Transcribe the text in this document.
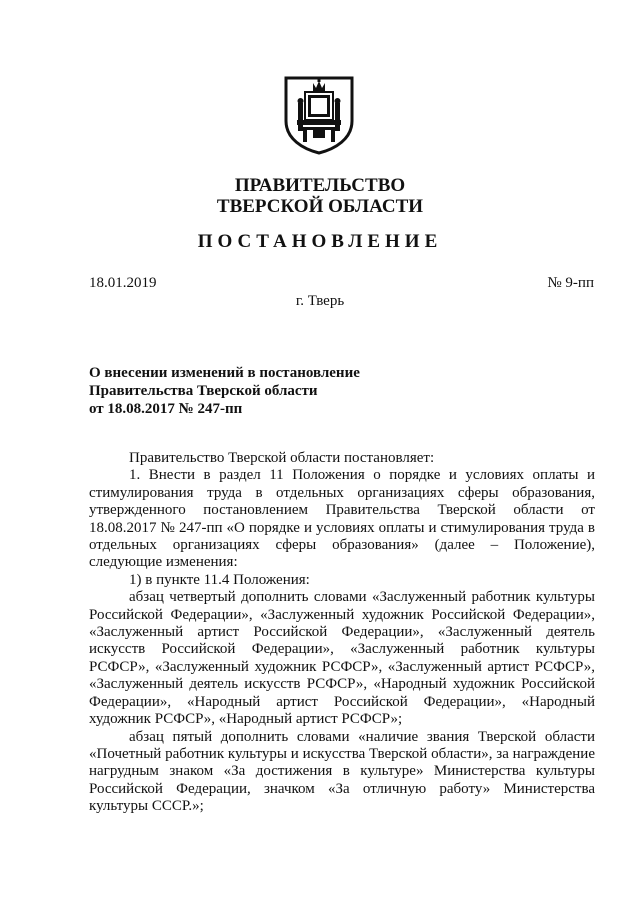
ПРАВИТЕЛЬСТВО
ТВЕРСКОЙ ОБЛАСТИ
ПОСТАНОВЛЕНИЕ
18.01.2019	№ 9-пп
г. Тверь
О внесении изменений в постановление
Правительства Тверской области
от 18.08.2017 № 247-пп

Правительство Тверской области постановляет:

1. Внести в раздел 11 Положения о порядке и условиях оплаты и стимулирования труда в отдельных организациях сферы образования, утвержденного постановлением Правительства Тверской области от 18.08.2017 № 247-пп «О порядке и условиях оплаты и стимулирования труда в отдельных организациях сферы образования» (далее – Положение), следующие изменения:

1) в пункте 11.4 Положения:

абзац четвертый дополнить словами «Заслуженный работник культуры Российской Федерации», «Заслуженный художник Российской Федерации», «Заслуженный артист Российской Федерации», «Заслуженный деятель искусств Российской Федерации», «Заслуженный работник культуры РСФСР», «Заслуженный художник РСФСР», «Заслуженный артист РСФСР», «Заслуженный деятель искусств РСФСР», «Народный художник Российской Федерации», «Народный артист Российской Федерации», «Народный художник РСФСР», «Народный артист РСФСР»;

абзац пятый дополнить словами «наличие звания Тверской области «Почетный работник культуры и искусства Тверской области», за награждение нагрудным знаком «За достижения в культуре» Министерства культуры Российской Федерации, значком «За отличную работу» Министерства культуры СССР.»;
